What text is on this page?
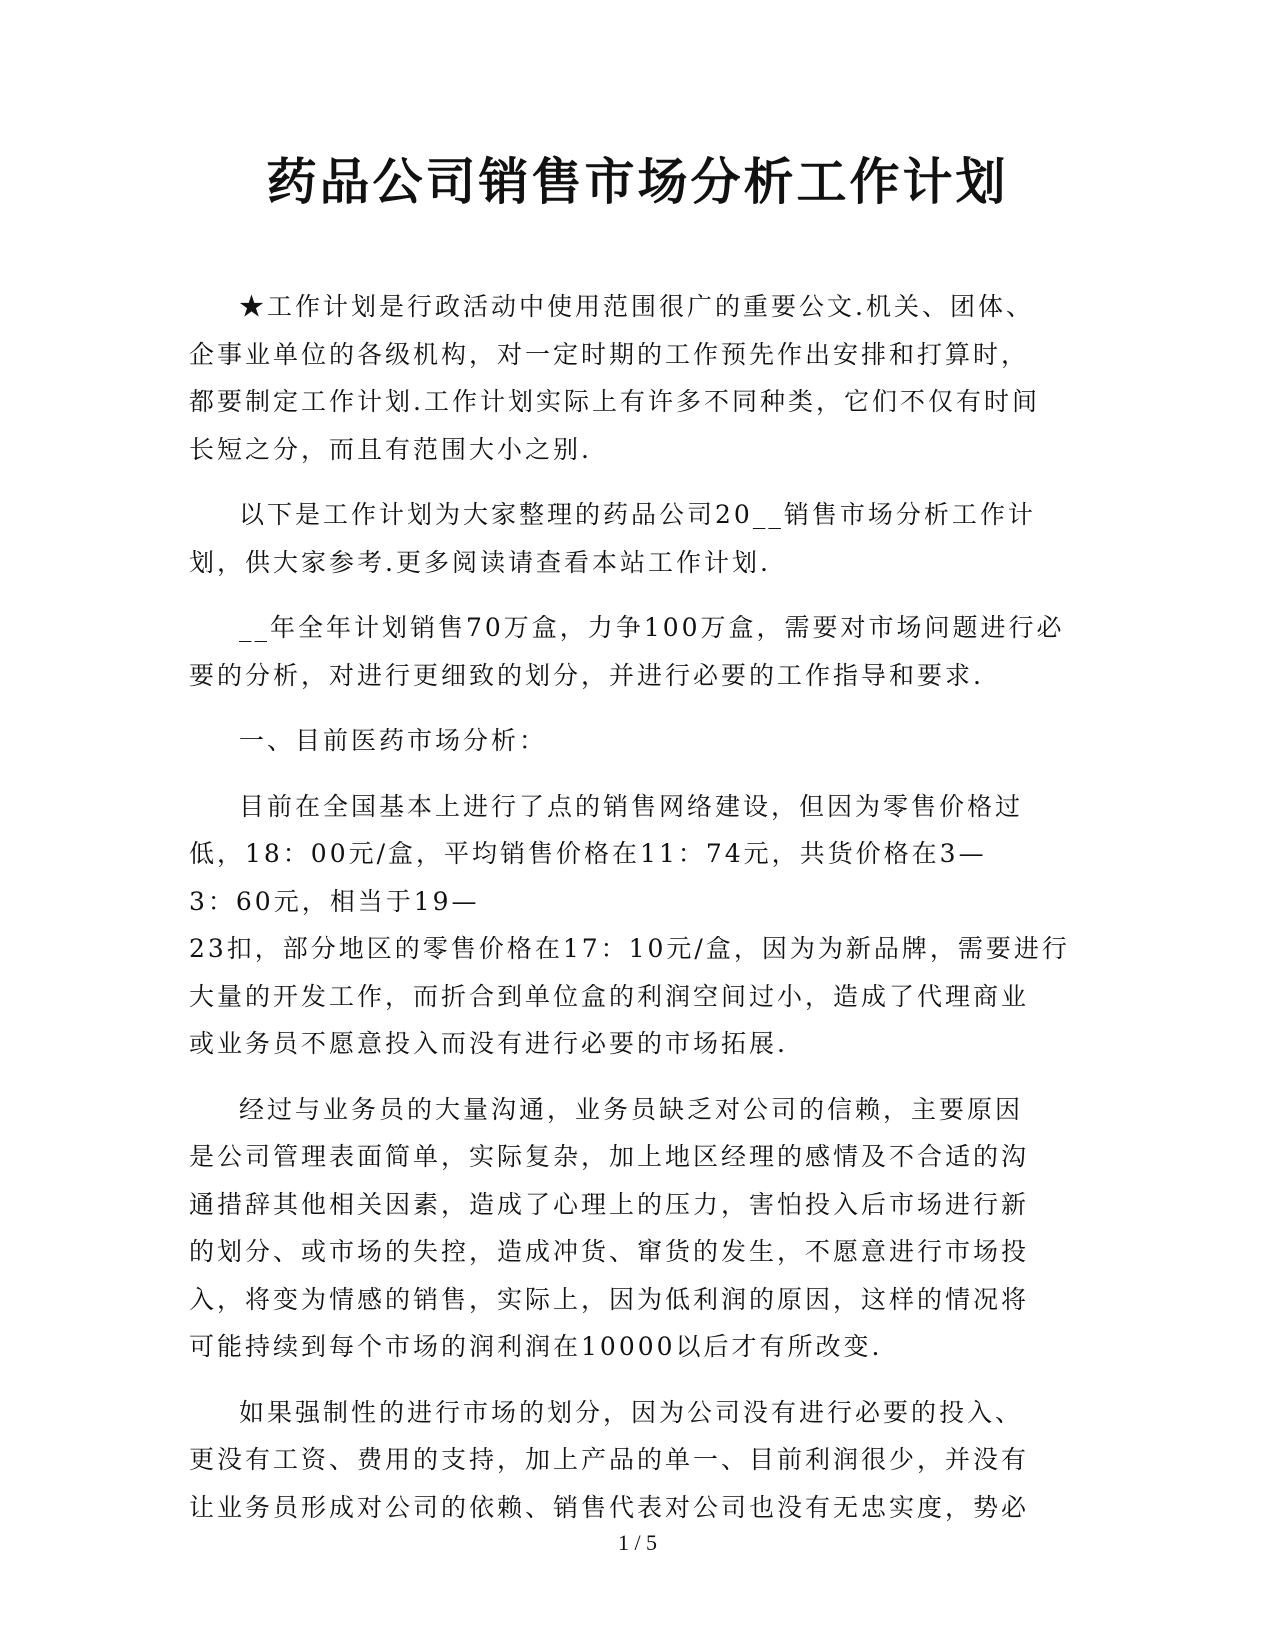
药品公司销售市场分析工作计划

★工作计划是行政活动中使用范围很广的重要公文.机关、团体、
企事业单位的各级机构，对一定时期的工作预先作出安排和打算时，
都要制定工作计划.工作计划实际上有许多不同种类，它们不仅有时间
长短之分，而且有范围大小之别.

以下是工作计划为大家整理的药品公司20__销售市场分析工作计
划，供大家参考.更多阅读请查看本站工作计划.

__年全年计划销售70万盒，力争100万盒，需要对市场问题进行必
要的分析，对进行更细致的划分，并进行必要的工作指导和要求.

一、目前医药市场分析：

目前在全国基本上进行了点的销售网络建设，但因为零售价格过
低，18：00元/盒，平均销售价格在11：74元，共货价格在3—
3：60元，相当于19—
23扣，部分地区的零售价格在17：10元/盒，因为为新品牌，需要进行
大量的开发工作，而折合到单位盒的利润空间过小，造成了代理商业
或业务员不愿意投入而没有进行必要的市场拓展.

经过与业务员的大量沟通，业务员缺乏对公司的信赖，主要原因
是公司管理表面简单，实际复杂，加上地区经理的感情及不合适的沟
通措辞其他相关因素，造成了心理上的压力，害怕投入后市场进行新
的划分、或市场的失控，造成冲货、窜货的发生，不愿意进行市场投
入，将变为情感的销售，实际上，因为低利润的原因，这样的情况将
可能持续到每个市场的润利润在10000以后才有所改变.

如果强制性的进行市场的划分，因为公司没有进行必要的投入、
更没有工资、费用的支持，加上产品的单一、目前利润很少，并没有
让业务员形成对公司的依赖、销售代表对公司也没有无忠实度，势必

1 / 5
